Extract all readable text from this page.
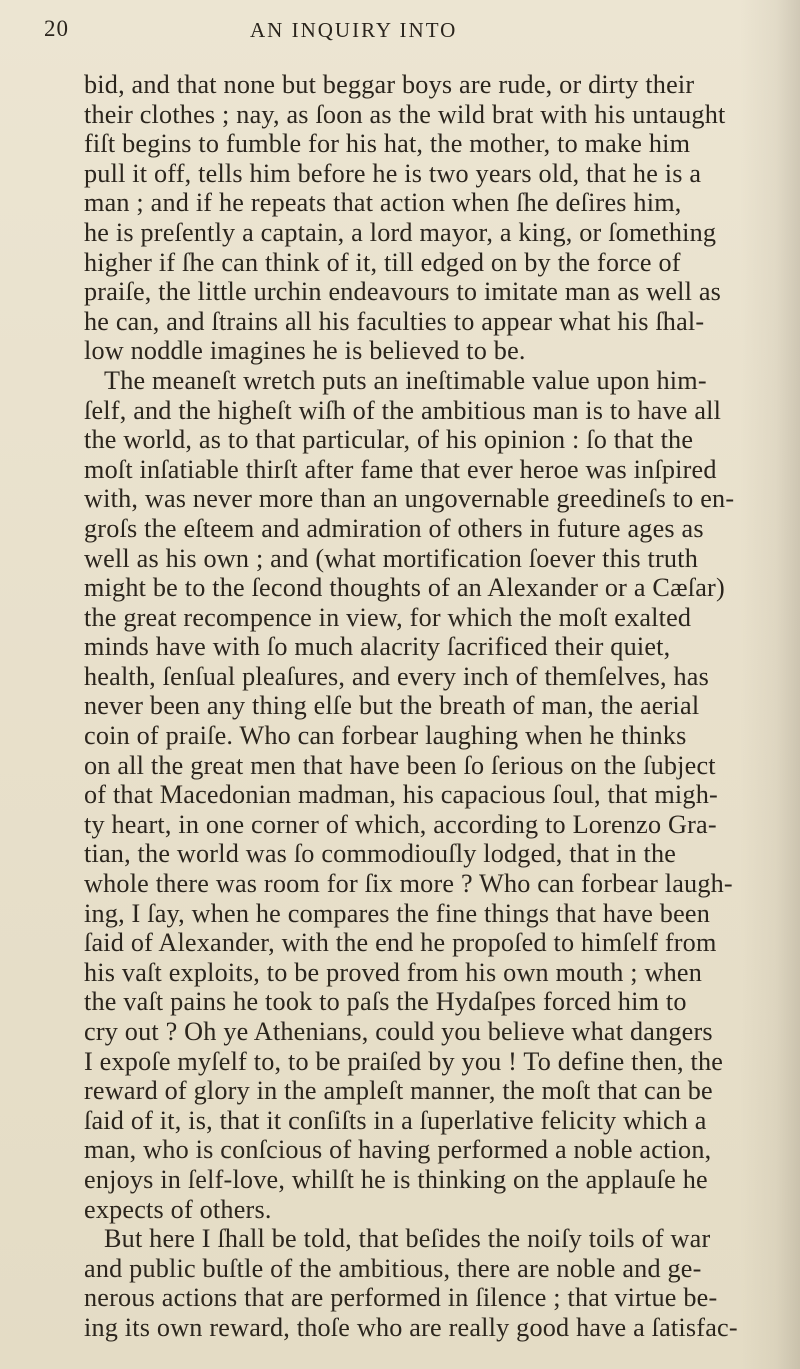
20	AN INQUIRY INTO
bid, and that none but beggar boys are rude, or dirty their
their clothes ; nay, as ſoon as the wild brat with his untaught
fiſt begins to fumble for his hat, the mother, to make him
pull it off, tells him before he is two years old, that he is a
man ; and if he repeats that action when ſhe deſires him,
he is preſently a captain, a lord mayor, a king, or ſomething
higher if ſhe can think of it, till edged on by the force of
praiſe, the little urchin endeavours to imitate man as well as
he can, and ſtrains all his faculties to appear what his ſhal-
low noddle imagines he is believed to be.
The meaneſt wretch puts an ineſtimable value upon him-
ſelf, and the higheſt wiſh of the ambitious man is to have all
the world, as to that particular, of his opinion : ſo that the
moſt inſatiable thirſt after fame that ever heroe was inſpired
with, was never more than an ungovernable greedineſs to en-
groſs the eſteem and admiration of others in future ages as
well as his own ; and (what mortification ſoever this truth
might be to the ſecond thoughts of an Alexander or a Cæſar)
the great recompence in view, for which the moſt exalted
minds have with ſo much alacrity ſacrificed their quiet,
health, ſenſual pleaſures, and every inch of themſelves, has
never been any thing elſe but the breath of man, the aerial
coin of praiſe. Who can forbear laughing when he thinks
on all the great men that have been ſo ſerious on the ſubject
of that Macedonian madman, his capacious ſoul, that migh-
ty heart, in one corner of which, according to Lorenzo Gra-
tian, the world was ſo commodiouſly lodged, that in the
whole there was room for ſix more ? Who can forbear laugh-
ing, I ſay, when he compares the fine things that have been
ſaid of Alexander, with the end he propoſed to himſelf from
his vaſt exploits, to be proved from his own mouth ; when
the vaſt pains he took to paſs the Hydaſpes forced him to
cry out ? Oh ye Athenians, could you believe what dangers
I expoſe myſelf to, to be praiſed by you ! To define then, the
reward of glory in the ampleſt manner, the moſt that can be
ſaid of it, is, that it conſiſts in a ſuperlative felicity which a
man, who is conſcious of having performed a noble action,
enjoys in ſelf-love, whilſt he is thinking on the applauſe he
expects of others.
But here I ſhall be told, that beſides the noiſy toils of war
and public buſtle of the ambitious, there are noble and ge-
nerous actions that are performed in ſilence ; that virtue be-
ing its own reward, thoſe who are really good have a ſatisfac-
